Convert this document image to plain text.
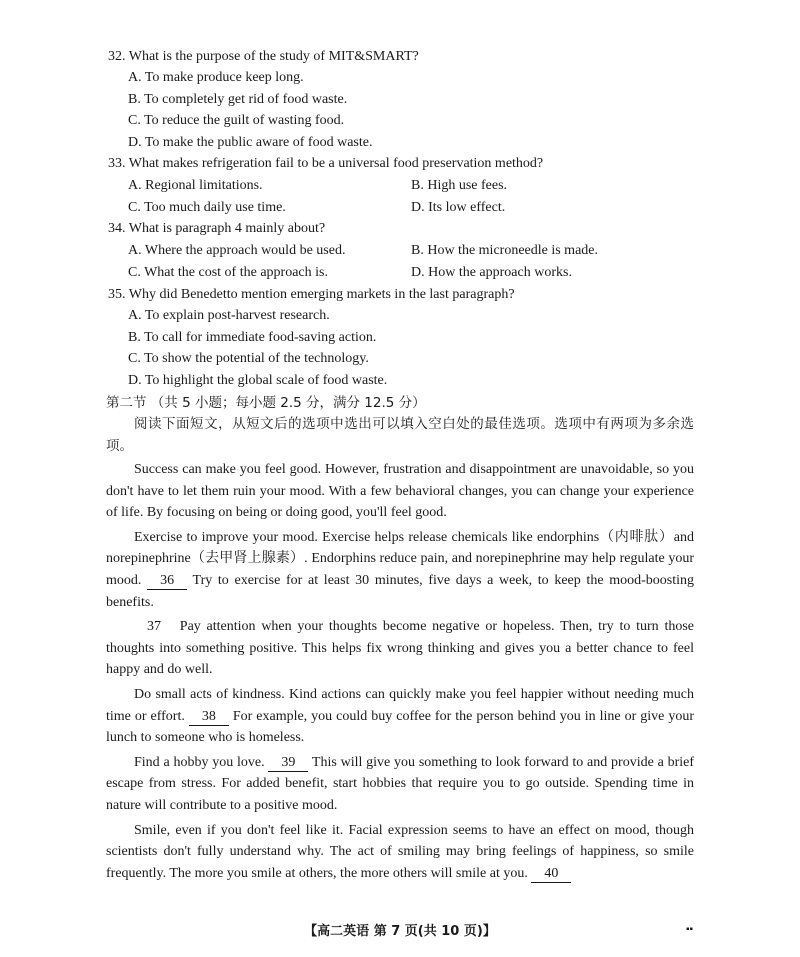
32. What is the purpose of the study of MIT&SMART?
A. To make produce keep long.
B. To completely get rid of food waste.
C. To reduce the guilt of wasting food.
D. To make the public aware of food waste.
33. What makes refrigeration fail to be a universal food preservation method?
A. Regional limitations.	B. High use fees.
C. Too much daily use time.	D. Its low effect.
34. What is paragraph 4 mainly about?
A. Where the approach would be used.	B. How the microneedle is made.
C. What the cost of the approach is.	D. How the approach works.
35. Why did Benedetto mention emerging markets in the last paragraph?
A. To explain post-harvest research.
B. To call for immediate food-saving action.
C. To show the potential of the technology.
D. To highlight the global scale of food waste.
第二节 （共 5 小题；每小题 2.5 分，满分 12.5 分）
阅读下面短文，从短文后的选项中选出可以填入空白处的最佳选项。选项中有两项为多余选项。

Success can make you feel good. However, frustration and disappointment are unavoidable, so you don't have to let them ruin your mood. With a few behavioral changes, you can change your experience of life. By focusing on being or doing good, you'll feel good.

Exercise to improve your mood. Exercise helps release chemicals like endorphins（内啡肽）and norepinephrine（去甲肾上腺素）. Endorphins reduce pain, and norepinephrine may help regulate your mood. 36 Try to exercise for at least 30 minutes, five days a week, to keep the mood-boosting benefits.

37 Pay attention when your thoughts become negative or hopeless. Then, try to turn those thoughts into something positive. This helps fix wrong thinking and gives you a better chance to feel happy and do well.

Do small acts of kindness. Kind actions can quickly make you feel happier without needing much time or effort. 38 For example, you could buy coffee for the person behind you in line or give your lunch to someone who is homeless.

Find a hobby you love. 39 This will give you something to look forward to and provide a brief escape from stress. For added benefit, start hobbies that require you to go outside. Spending time in nature will contribute to a positive mood.

Smile, even if you don't feel like it. Facial expression seems to have an effect on mood, though scientists don't fully understand why. The act of smiling may bring feelings of happiness, so smile frequently. The more you smile at others, the more others will smile at you. 40

【高二英语 第 7 页(共 10 页)】	▪▪
